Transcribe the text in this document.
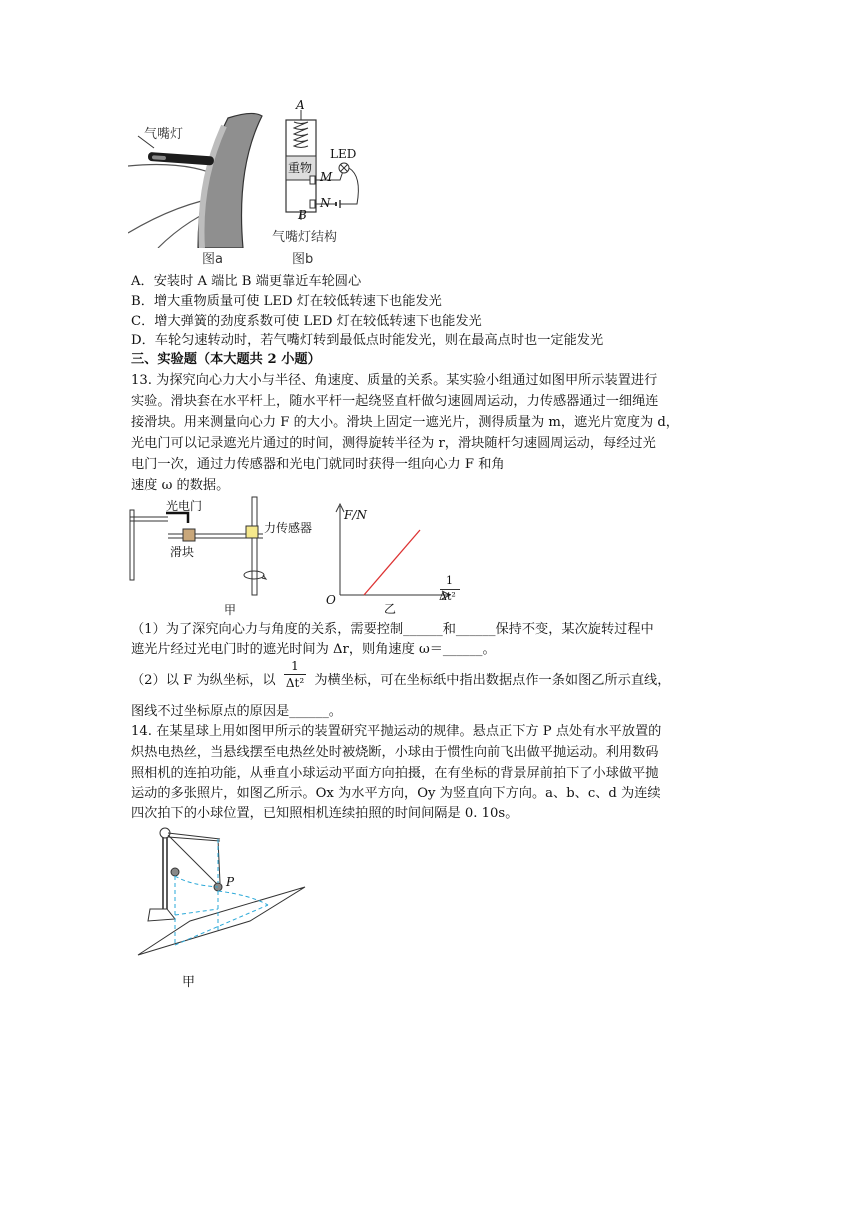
气嘴灯
图a
A
重物
LED
M
N
B
气嘴灯结构
图b
A．安装时 A 端比 B 端更靠近车轮圆心
B．增大重物质量可使 LED 灯在较低转速下也能发光
C．增大弹簧的劲度系数可使 LED 灯在较低转速下也能发光
D．车轮匀速转动时，若气嘴灯转到最低点时能发光，则在最高点时也一定能发光
三、实验题（本大题共 2 小题）
13. 为探究向心力大小与半径、角速度、质量的关系。某实验小组通过如图甲所示装置进行
实验。滑块套在水平杆上，随水平杆一起绕竖直杆做匀速圆周运动，力传感器通过一细绳连
接滑块。用来测量向心力 F 的大小。滑块上固定一遮光片，测得质量为 m，遮光片宽度为 d，
光电门可以记录遮光片通过的时间，测得旋转半径为 r，滑块随杆匀速圆周运动，每经过光
电门一次，通过力传感器和光电门就同时获得一组向心力 F 和角
速度 ω 的数据。
光电门
滑块
力传感器
甲
F/N
O
1
Δt²
乙
（1）为了深究向心力与角度的关系，需要控制______和______保持不变，某次旋转过程中
遮光片经过光电门时的遮光时间为 Δr，则角速度 ω＝______。
（2）以 F 为纵坐标，以 $\frac{1}{\text{Δt²}}$ 为横坐标，可在坐标纸中指出数据点作一条如图乙所示直线，
图线不过坐标原点的原因是______。
14. 在某星球上用如图甲所示的装置研究平抛运动的规律。悬点正下方 P 点处有水平放置的
炽热电热丝，当悬线摆至电热丝处时被烧断，小球由于惯性向前飞出做平抛运动。利用数码
照相机的连拍功能，从垂直小球运动平面方向拍摄，在有坐标的背景屏前拍下了小球做平抛
运动的多张照片，如图乙所示。Ox 为水平方向，Oy 为竖直向下方向。a、b、c、d 为连续
四次拍下的小球位置，已知照相机连续拍照的时间间隔是 0. 10s。
P
甲
